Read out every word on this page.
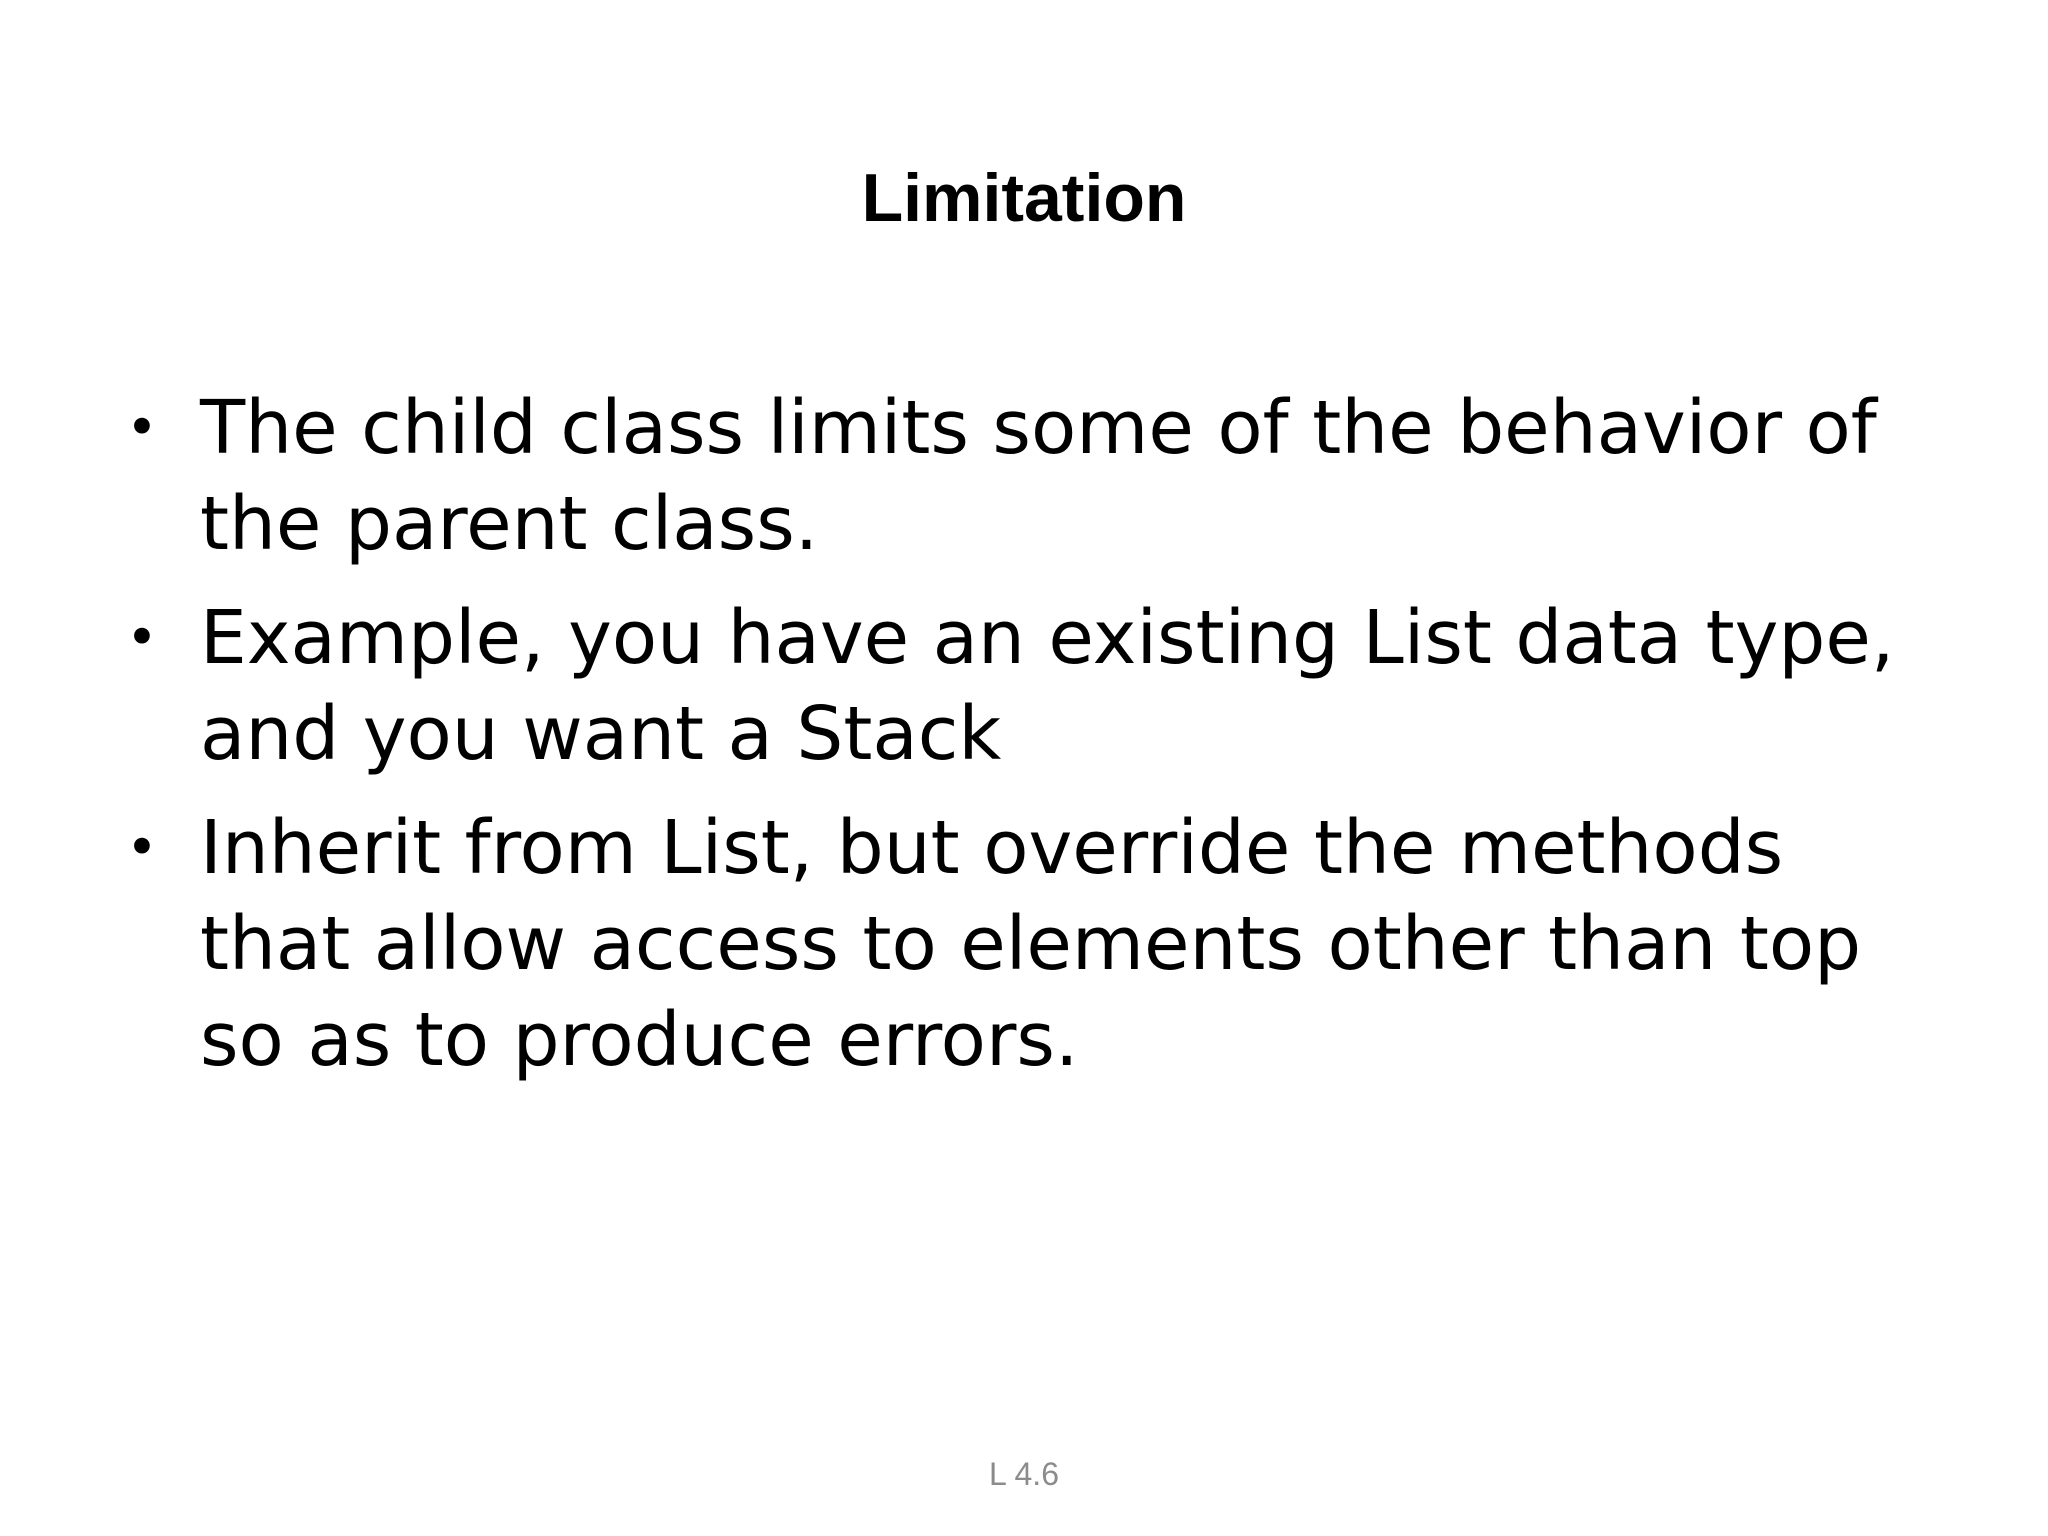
Limitation
• The child class limits some of the behavior of the parent class.
• Example, you have an existing List data type, and you want a Stack
• Inherit from List, but override the methods that allow access to elements other than top so as to produce errors.
L 4.6
